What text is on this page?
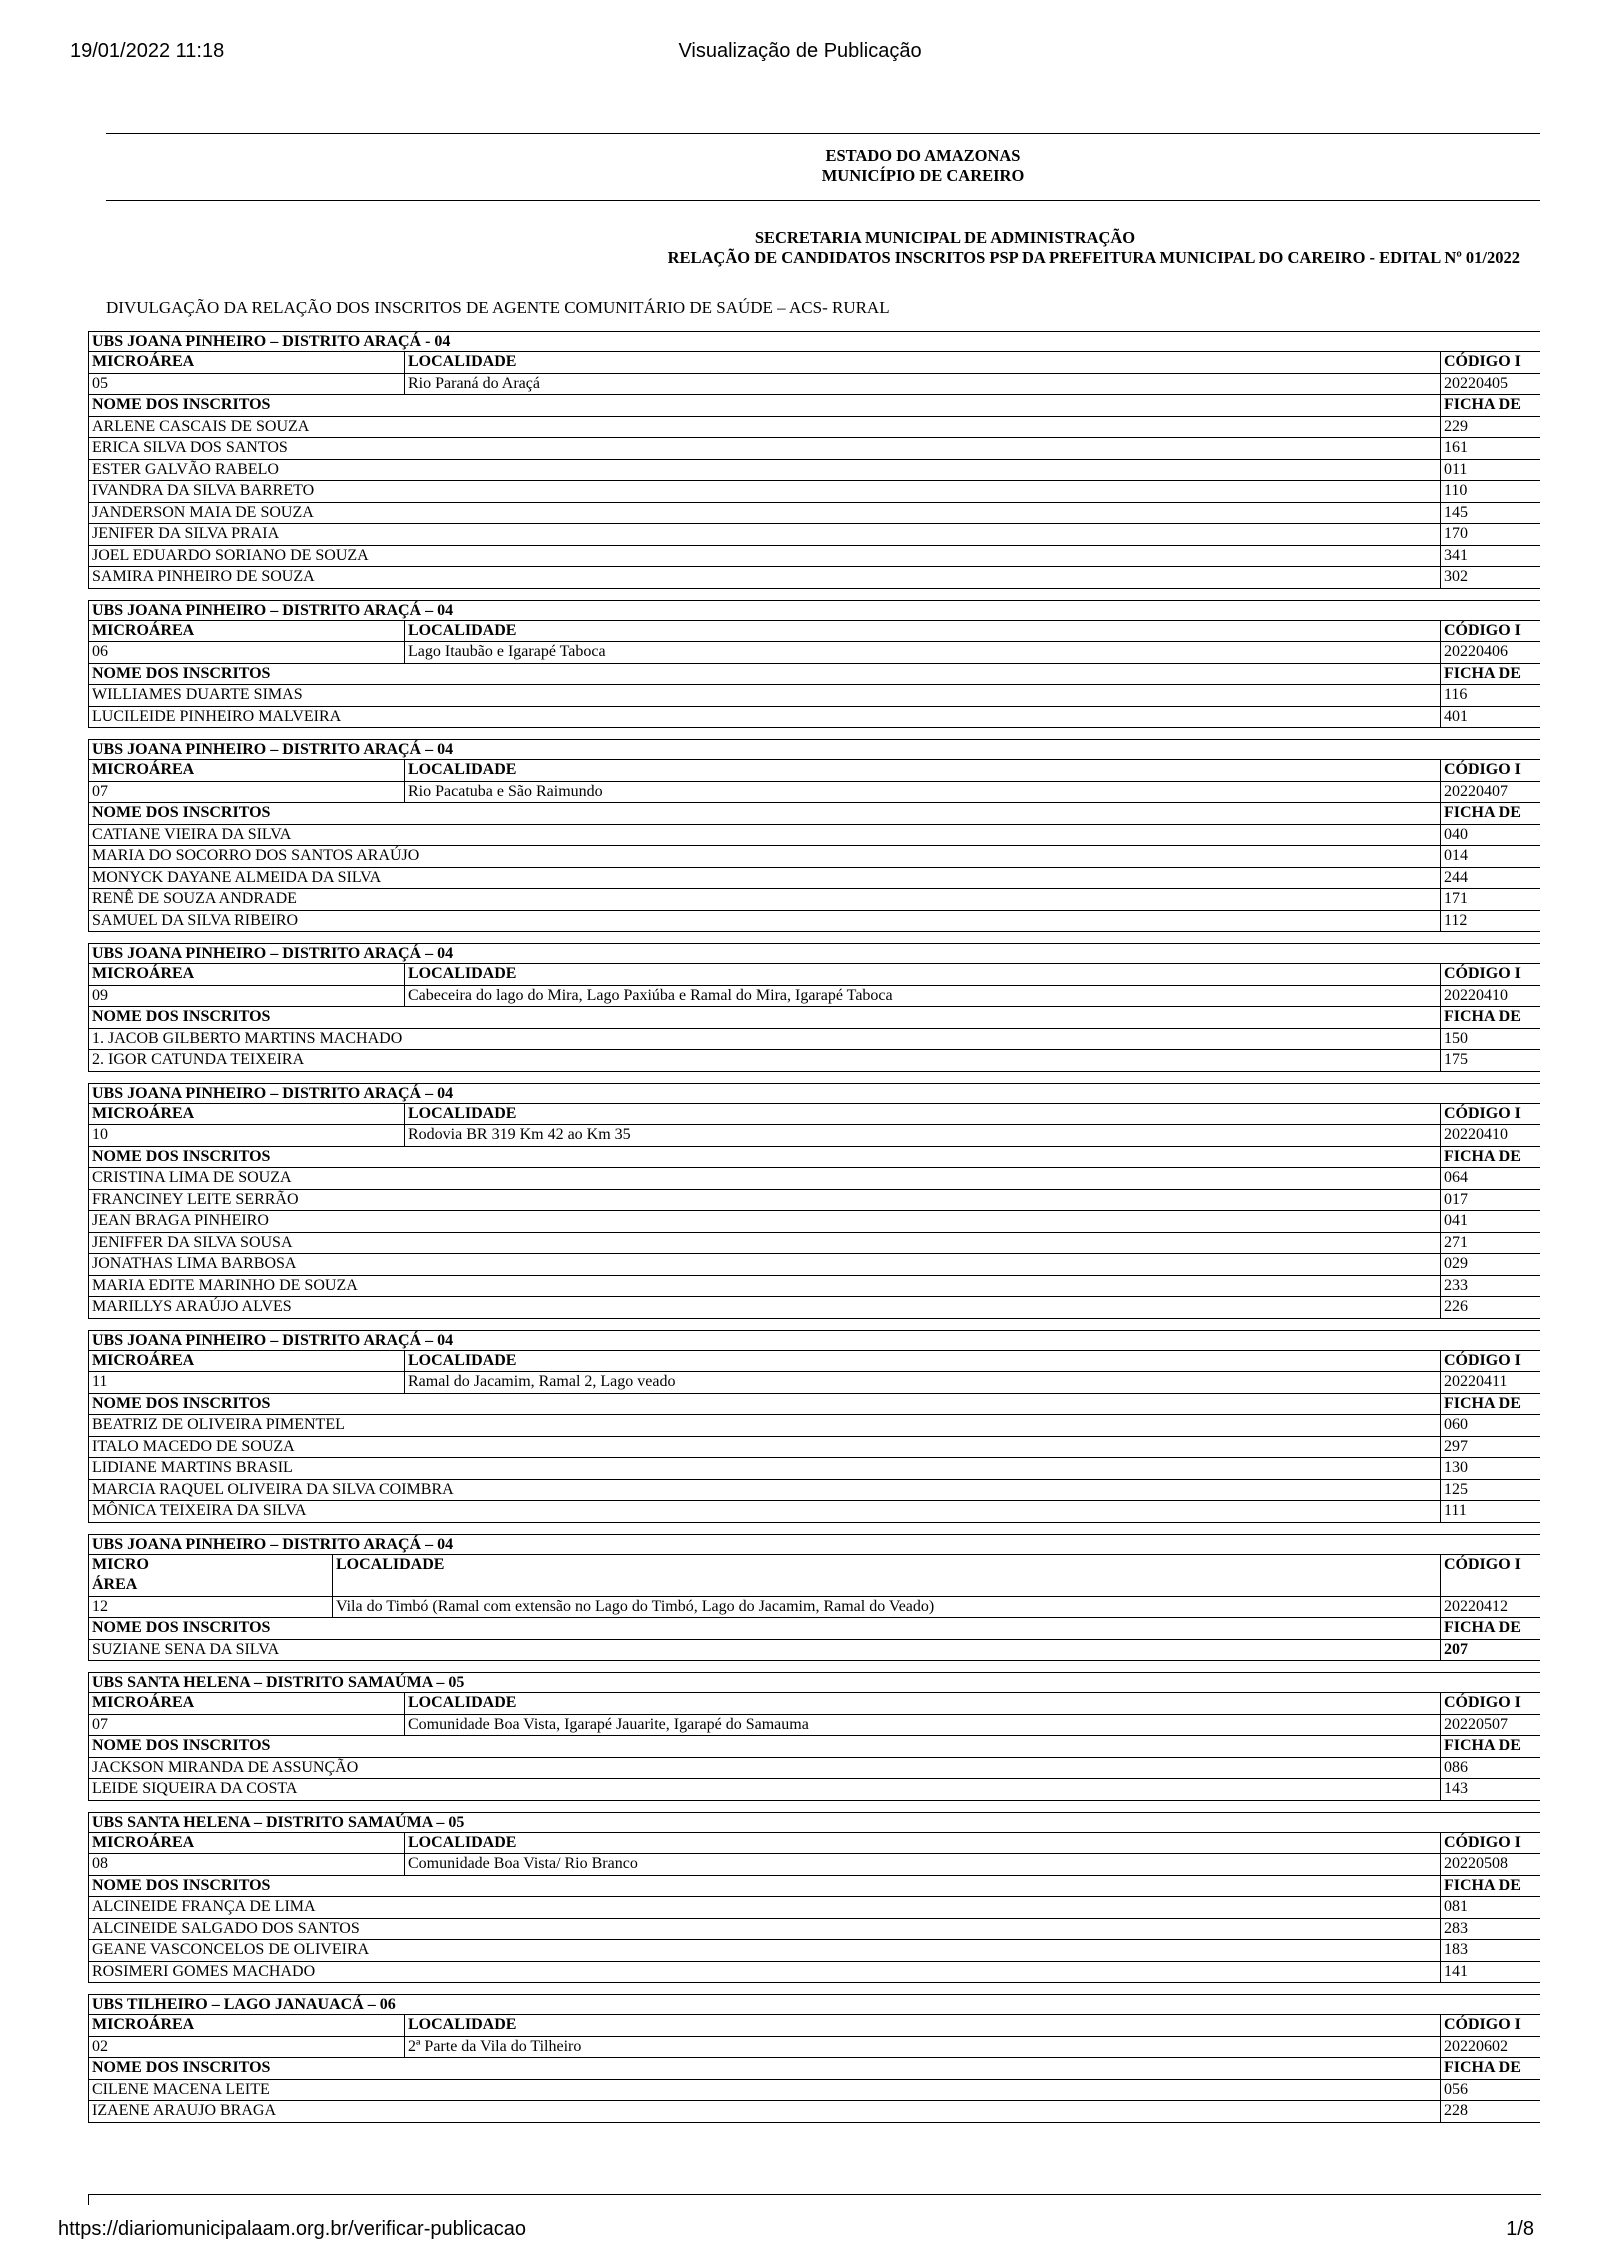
19/01/2022 11:18	Visualização de Publicação
ESTADO DO AMAZONAS
MUNICÍPIO DE CAREIRO
SECRETARIA MUNICIPAL DE ADMINISTRAÇÃO
RELAÇÃO DE CANDIDATOS INSCRITOS PSP DA PREFEITURA MUNICIPAL DO CAREIRO - EDITAL Nº 01/2022
DIVULGAÇÃO DA RELAÇÃO DOS INSCRITOS DE AGENTE COMUNITÁRIO DE SAÚDE – ACS- RURAL
UBS JOANA PINHEIRO – DISTRITO ARAÇÁ - 04
MICROÁREA	LOCALIDADE	CÓDIGO I
05	Rio Paraná do Araçá	20220405
NOME DOS INSCRITOS	FICHA DE
ARLENE CASCAIS DE SOUZA	229
ERICA SILVA DOS SANTOS	161
ESTER GALVÃO RABELO	011
IVANDRA DA SILVA BARRETO	110
JANDERSON MAIA DE SOUZA	145
JENIFER DA SILVA PRAIA	170
JOEL EDUARDO SORIANO DE SOUZA	341
SAMIRA PINHEIRO DE SOUZA	302
UBS JOANA PINHEIRO – DISTRITO ARAÇÁ – 04
MICROÁREA	LOCALIDADE	CÓDIGO I
06	Lago Itaubão e Igarapé Taboca	20220406
NOME DOS INSCRITOS	FICHA DE
WILLIAMES DUARTE SIMAS	116
LUCILEIDE PINHEIRO MALVEIRA	401
UBS JOANA PINHEIRO – DISTRITO ARAÇÁ – 04
MICROÁREA	LOCALIDADE	CÓDIGO I
07	Rio Pacatuba e São Raimundo	20220407
NOME DOS INSCRITOS	FICHA DE
CATIANE VIEIRA DA SILVA	040
MARIA DO SOCORRO DOS SANTOS ARAÚJO	014
MONYCK DAYANE ALMEIDA DA SILVA	244
RENÊ DE SOUZA ANDRADE	171
SAMUEL DA SILVA RIBEIRO	112
UBS JOANA PINHEIRO – DISTRITO ARAÇÁ – 04
MICROÁREA	LOCALIDADE	CÓDIGO I
09	Cabeceira do lago do Mira, Lago Paxiúba e Ramal do Mira, Igarapé Taboca	20220410
NOME DOS INSCRITOS	FICHA DE
1. JACOB GILBERTO MARTINS MACHADO	150
2. IGOR CATUNDA TEIXEIRA	175
UBS JOANA PINHEIRO – DISTRITO ARAÇÁ – 04
MICROÁREA	LOCALIDADE	CÓDIGO I
10	Rodovia BR 319 Km 42 ao Km 35	20220410
NOME DOS INSCRITOS	FICHA DE
CRISTINA LIMA DE SOUZA	064
FRANCINEY LEITE SERRÃO	017
JEAN BRAGA PINHEIRO	041
JENIFFER DA SILVA SOUSA	271
JONATHAS LIMA BARBOSA	029
MARIA EDITE MARINHO DE SOUZA	233
MARILLYS ARAÚJO ALVES	226
UBS JOANA PINHEIRO – DISTRITO ARAÇÁ – 04
MICROÁREA	LOCALIDADE	CÓDIGO I
11	Ramal do Jacamim, Ramal 2, Lago veado	20220411
NOME DOS INSCRITOS	FICHA DE
BEATRIZ DE OLIVEIRA PIMENTEL	060
ITALO MACEDO DE SOUZA	297
LIDIANE MARTINS BRASIL	130
MARCIA RAQUEL OLIVEIRA DA SILVA COIMBRA	125
MÔNICA TEIXEIRA DA SILVA	111
UBS JOANA PINHEIRO – DISTRITO ARAÇÁ – 04
MICRO
ÁREA
LOCALIDADE	CÓDIGO I
12	Vila do Timbó (Ramal com extensão no Lago do Timbó, Lago do Jacamim, Ramal do Veado)	20220412
NOME DOS INSCRITOS	FICHA DE
SUZIANE SENA DA SILVA	207
UBS SANTA HELENA – DISTRITO SAMAÚMA – 05
MICROÁREA	LOCALIDADE	CÓDIGO I
07	Comunidade Boa Vista, Igarapé Jauarite, Igarapé do Samauma	20220507
NOME DOS INSCRITOS	FICHA DE
JACKSON MIRANDA DE ASSUNÇÃO	086
LEIDE SIQUEIRA DA COSTA	143
UBS SANTA HELENA – DISTRITO SAMAÚMA – 05
MICROÁREA	LOCALIDADE	CÓDIGO I
08	Comunidade Boa Vista/ Rio Branco	20220508
NOME DOS INSCRITOS	FICHA DE
ALCINEIDE FRANÇA DE LIMA	081
ALCINEIDE SALGADO DOS SANTOS	283
GEANE VASCONCELOS DE OLIVEIRA	183
ROSIMERI GOMES MACHADO	141
UBS TILHEIRO – LAGO JANAUACÁ – 06
MICROÁREA	LOCALIDADE	CÓDIGO I
02	2ª Parte da Vila do Tilheiro	20220602
NOME DOS INSCRITOS	FICHA DE
CILENE MACENA LEITE	056
IZAENE ARAUJO BRAGA	228
https://diariomunicipalaam.org.br/verificar-publicacao	1/8
